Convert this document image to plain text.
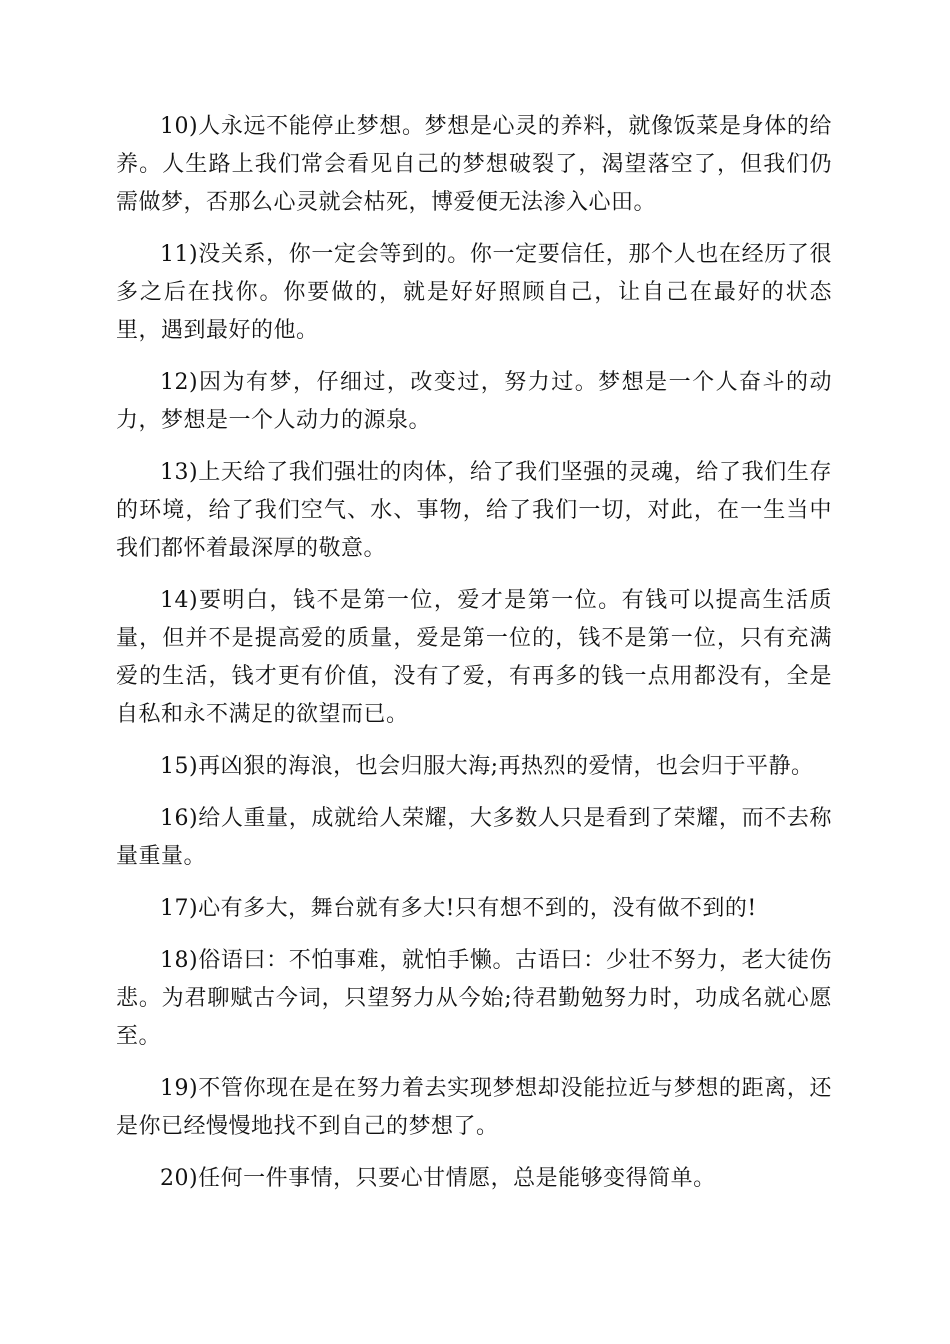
10)人永远不能停止梦想。梦想是心灵的养料，就像饭菜是身体的给养。人生路上我们常会看见自己的梦想破裂了，渴望落空了，但我们仍需做梦，否那么心灵就会枯死，博爱便无法渗入心田。

11)没关系，你一定会等到的。你一定要信任，那个人也在经历了很多之后在找你。你要做的，就是好好照顾自己，让自己在最好的状态里，遇到最好的他。

12)因为有梦，仔细过，改变过，努力过。梦想是一个人奋斗的动力，梦想是一个人动力的源泉。

13)上天给了我们强壮的肉体，给了我们坚强的灵魂，给了我们生存的环境，给了我们空气、水、事物，给了我们一切，对此，在一生当中我们都怀着最深厚的敬意。

14)要明白，钱不是第一位，爱才是第一位。有钱可以提高生活质量，但并不是提高爱的质量，爱是第一位的，钱不是第一位，只有充满爱的生活，钱才更有价值，没有了爱，有再多的钱一点用都没有，全是自私和永不满足的欲望而已。

15)再凶狠的海浪，也会归服大海;再热烈的爱情，也会归于平静。

16)给人重量，成就给人荣耀，大多数人只是看到了荣耀，而不去称量重量。

17)心有多大，舞台就有多大!只有想不到的，没有做不到的!

18)俗语曰：不怕事难，就怕手懒。古语曰：少壮不努力，老大徒伤悲。为君聊赋古今词，只望努力从今始;待君勤勉努力时，功成名就心愿至。

19)不管你现在是在努力着去实现梦想却没能拉近与梦想的距离，还是你已经慢慢地找不到自己的梦想了。

20)任何一件事情，只要心甘情愿，总是能够变得简单。
